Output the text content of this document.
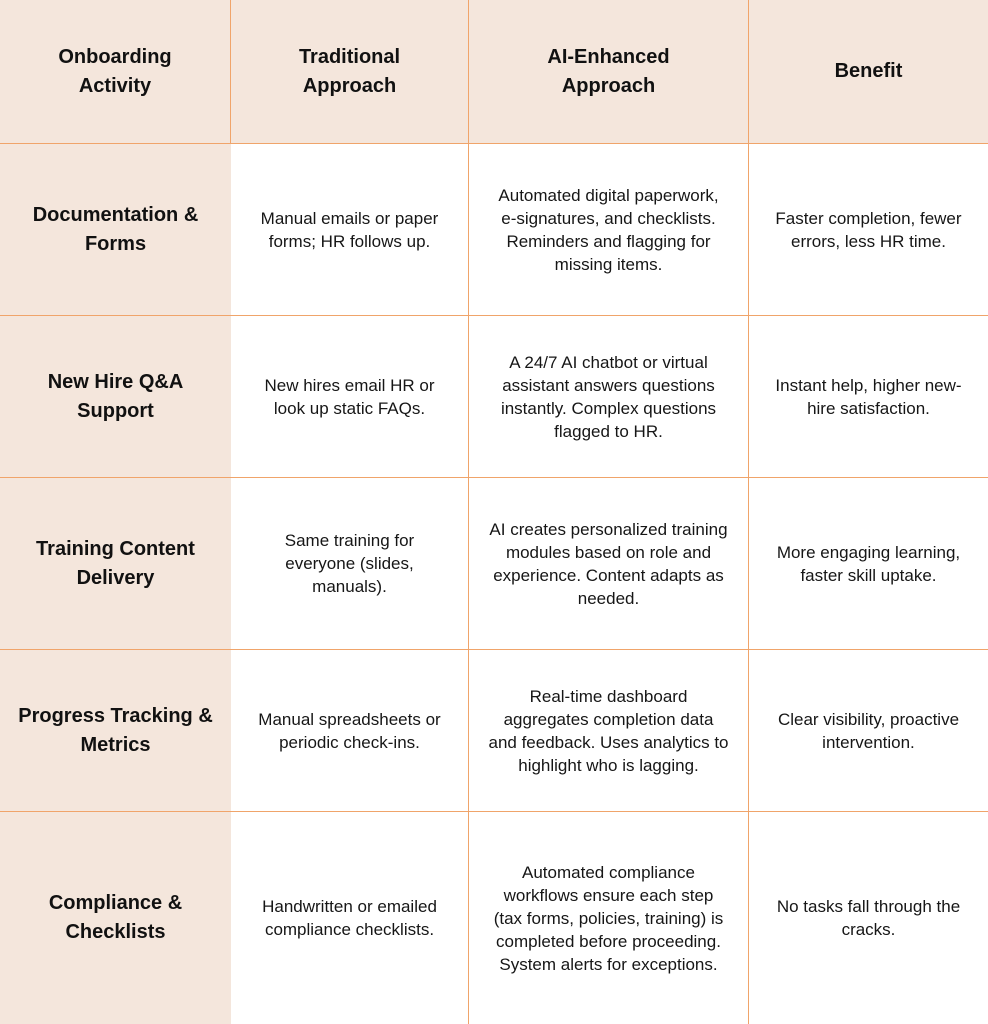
Onboarding
Activity
Traditional
Approach
AI-Enhanced
Approach
Benefit
Documentation &
Forms
Manual emails or paper
forms; HR follows up.
Automated digital paperwork,
e-signatures, and checklists.
Reminders and flagging for
missing items.
Faster completion, fewer
errors, less HR time.
New Hire Q&A
Support
New hires email HR or
look up static FAQs.
A 24/7 AI chatbot or virtual
assistant answers questions
instantly. Complex questions
flagged to HR.
Instant help, higher new-
hire satisfaction.
Training Content
Delivery
Same training for
everyone (slides,
manuals).
AI creates personalized training
modules based on role and
experience. Content adapts as
needed.
More engaging learning,
faster skill uptake.
Progress Tracking &
Metrics
Manual spreadsheets or
periodic check-ins.
Real-time dashboard
aggregates completion data
and feedback. Uses analytics to
highlight who is lagging.
Clear visibility, proactive
intervention.
Compliance &
Checklists
Handwritten or emailed
compliance checklists.
Automated compliance
workflows ensure each step
(tax forms, policies, training) is
completed before proceeding.
System alerts for exceptions.
No tasks fall through the
cracks.
